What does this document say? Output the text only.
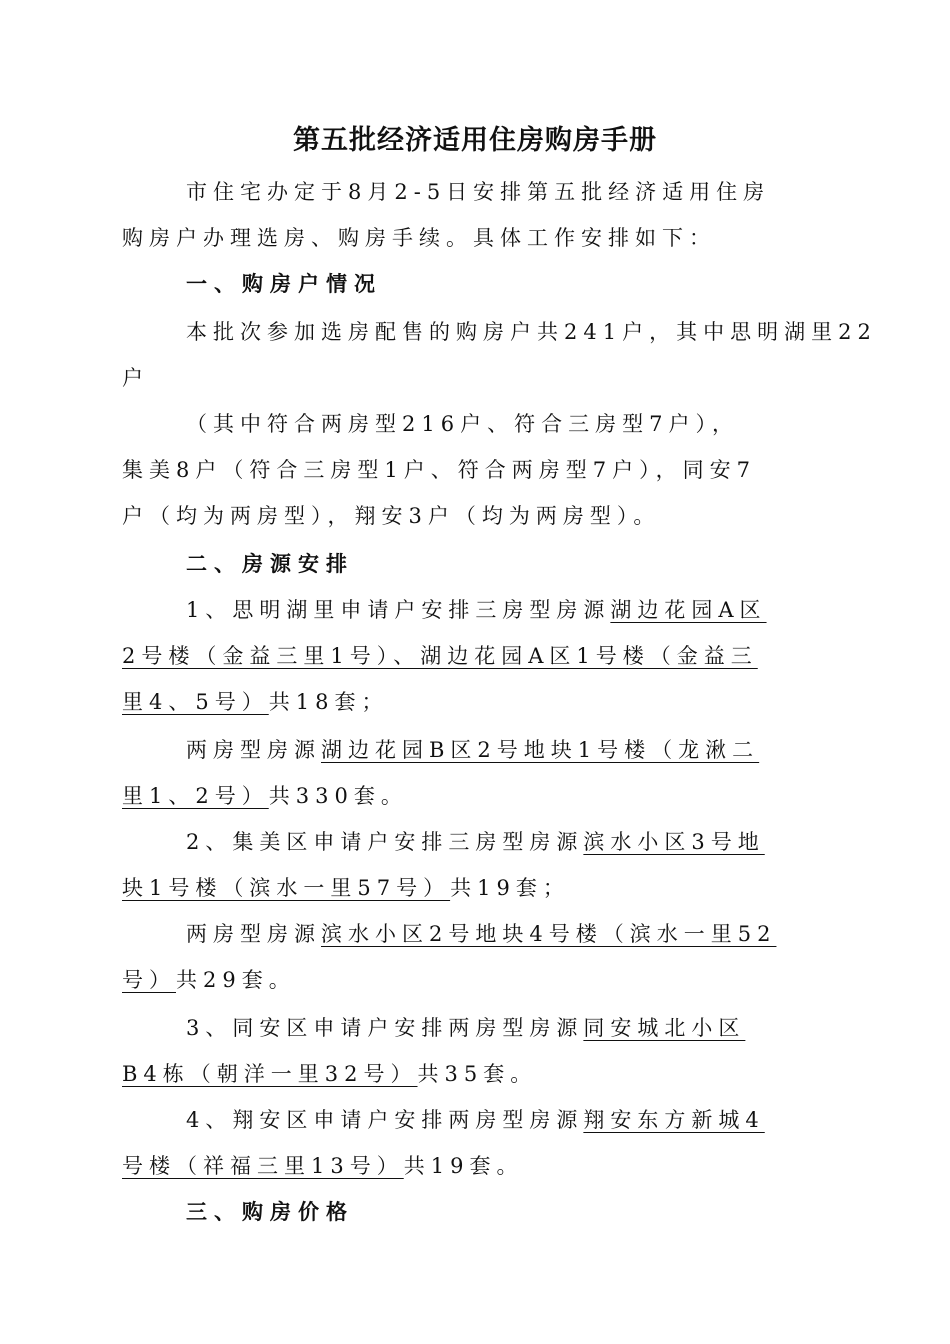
第五批经济适用住房购房手册
市住宅办定于8月2-5日安排第五批经济适用住房
购房户办理选房、购房手续。具体工作安排如下：
一、购房户情况
本批次参加选房配售的购房户共241户，其中思明湖里22
户
（其中符合两房型216户、符合三房型7户），
集美8户（符合三房型1户、符合两房型7户），同安7
户（均为两房型），翔安3户（均为两房型）。
二、房源安排
1、思明湖里申请户安排三房型房源湖边花园A区
2号楼（金益三里1号）、湖边花园A区1号楼（金益三
里4、5号）共18套；
两房型房源湖边花园B区2号地块1号楼（龙湫二
里1、2号）共330套。
2、集美区申请户安排三房型房源滨水小区3号地
块1号楼（滨水一里57号）共19套；
两房型房源滨水小区2号地块4号楼（滨水一里52
号）共29套。
3、同安区申请户安排两房型房源同安城北小区
B4栋（朝洋一里32号）共35套。
4、翔安区申请户安排两房型房源翔安东方新城4
号楼（祥福三里13号）共19套。
三、购房价格
